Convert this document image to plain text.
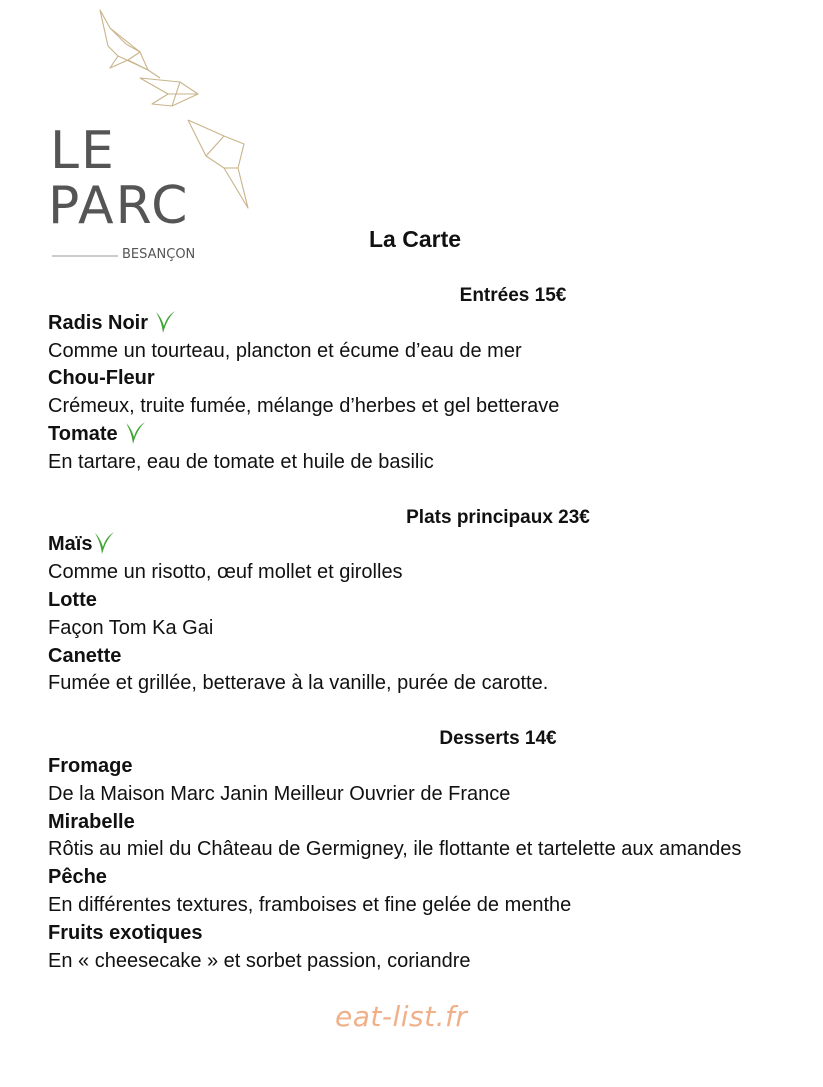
LE
PARC
BESANÇON
La Carte
Entrées 15€
Radis Noir
Comme un tourteau, plancton et écume d’eau de mer
Chou-Fleur
Crémeux, truite fumée, mélange d’herbes et gel betterave
Tomate
En tartare, eau de tomate et huile de basilic
Plats principaux 23€
Maïs
Comme un risotto, œuf mollet et girolles
Lotte
Façon Tom Ka Gai
Canette
Fumée et grillée, betterave à la vanille, purée de carotte.
Desserts 14€
Fromage
De la Maison Marc Janin Meilleur Ouvrier de France
Mirabelle
Rôtis au miel du Château de Germigney, ile flottante et tartelette aux amandes
Pêche
En différentes textures, framboises et fine gelée de menthe
Fruits exotiques
En « cheesecake » et sorbet passion, coriandre
eat-list.fr
